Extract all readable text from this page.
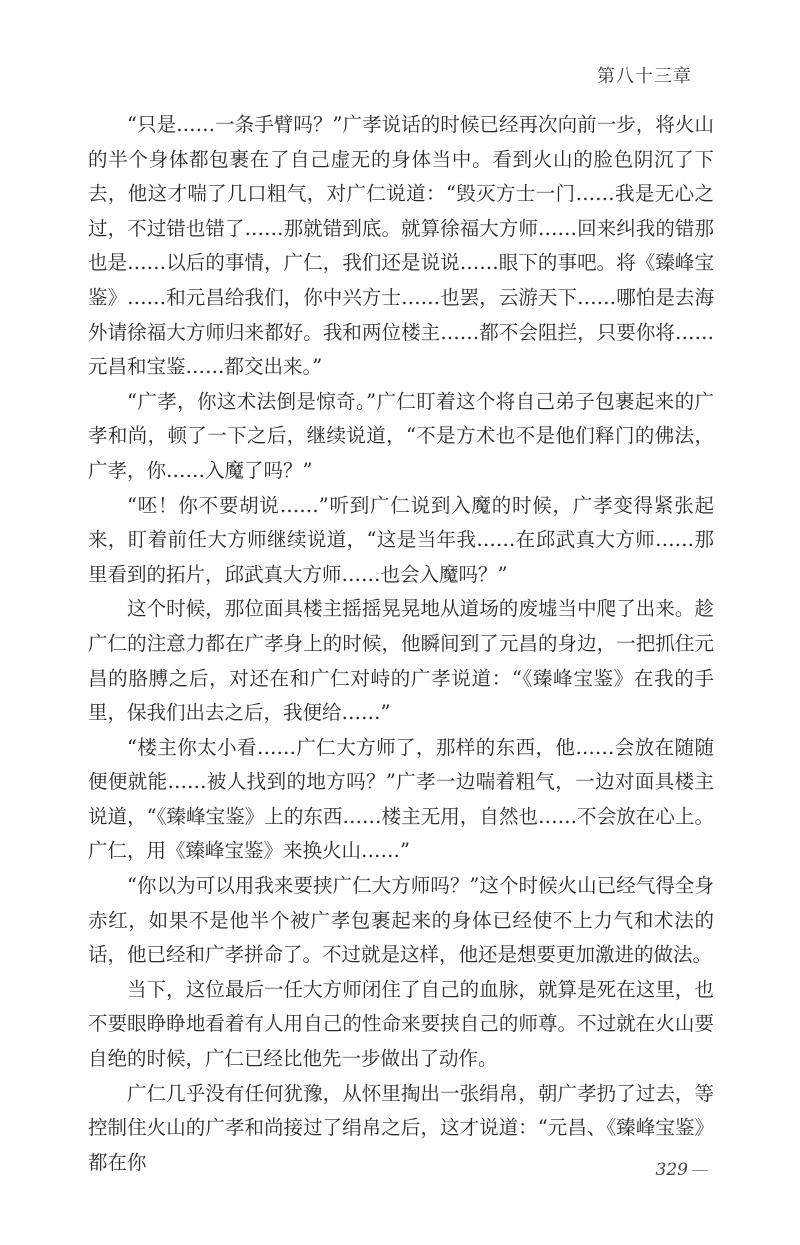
第八十三章

“只是……一条手臂吗？”广孝说话的时候已经再次向前一步，将火山的半个身体都包裹在了自己虚无的身体当中。看到火山的脸色阴沉了下去，他这才喘了几口粗气，对广仁说道：“毁灭方士一门……我是无心之过，不过错也错了……那就错到底。就算徐福大方师……回来纠我的错那也是……以后的事情，广仁，我们还是说说……眼下的事吧。将《臻峰宝鉴》……和元昌给我们，你中兴方士……也罢，云游天下……哪怕是去海外请徐福大方师归来都好。我和两位楼主……都不会阻拦，只要你将……元昌和宝鉴……都交出来。”

“广孝，你这术法倒是惊奇。”广仁盯着这个将自己弟子包裹起来的广孝和尚，顿了一下之后，继续说道，“不是方术也不是他们释门的佛法，广孝，你……入魔了吗？”

“呸！你不要胡说……”听到广仁说到入魔的时候，广孝变得紧张起来，盯着前任大方师继续说道，“这是当年我……在邱武真大方师……那里看到的拓片，邱武真大方师……也会入魔吗？”

这个时候，那位面具楼主摇摇晃晃地从道场的废墟当中爬了出来。趁广仁的注意力都在广孝身上的时候，他瞬间到了元昌的身边，一把抓住元昌的胳膊之后，对还在和广仁对峙的广孝说道：“《臻峰宝鉴》在我的手里，保我们出去之后，我便给……”

“楼主你太小看……广仁大方师了，那样的东西，他……会放在随随便便就能……被人找到的地方吗？”广孝一边喘着粗气，一边对面具楼主说道，“《臻峰宝鉴》上的东西……楼主无用，自然也……不会放在心上。广仁，用《臻峰宝鉴》来换火山……”

“你以为可以用我来要挟广仁大方师吗？”这个时候火山已经气得全身赤红，如果不是他半个被广孝包裹起来的身体已经使不上力气和术法的话，他已经和广孝拼命了。不过就是这样，他还是想要更加激进的做法。

当下，这位最后一任大方师闭住了自己的血脉，就算是死在这里，也不要眼睁睁地看着有人用自己的性命来要挟自己的师尊。不过就在火山要自绝的时候，广仁已经比他先一步做出了动作。

广仁几乎没有任何犹豫，从怀里掏出一张绢帛，朝广孝扔了过去，等控制住火山的广孝和尚接过了绢帛之后，这才说道：“元昌、《臻峰宝鉴》都在你	329
